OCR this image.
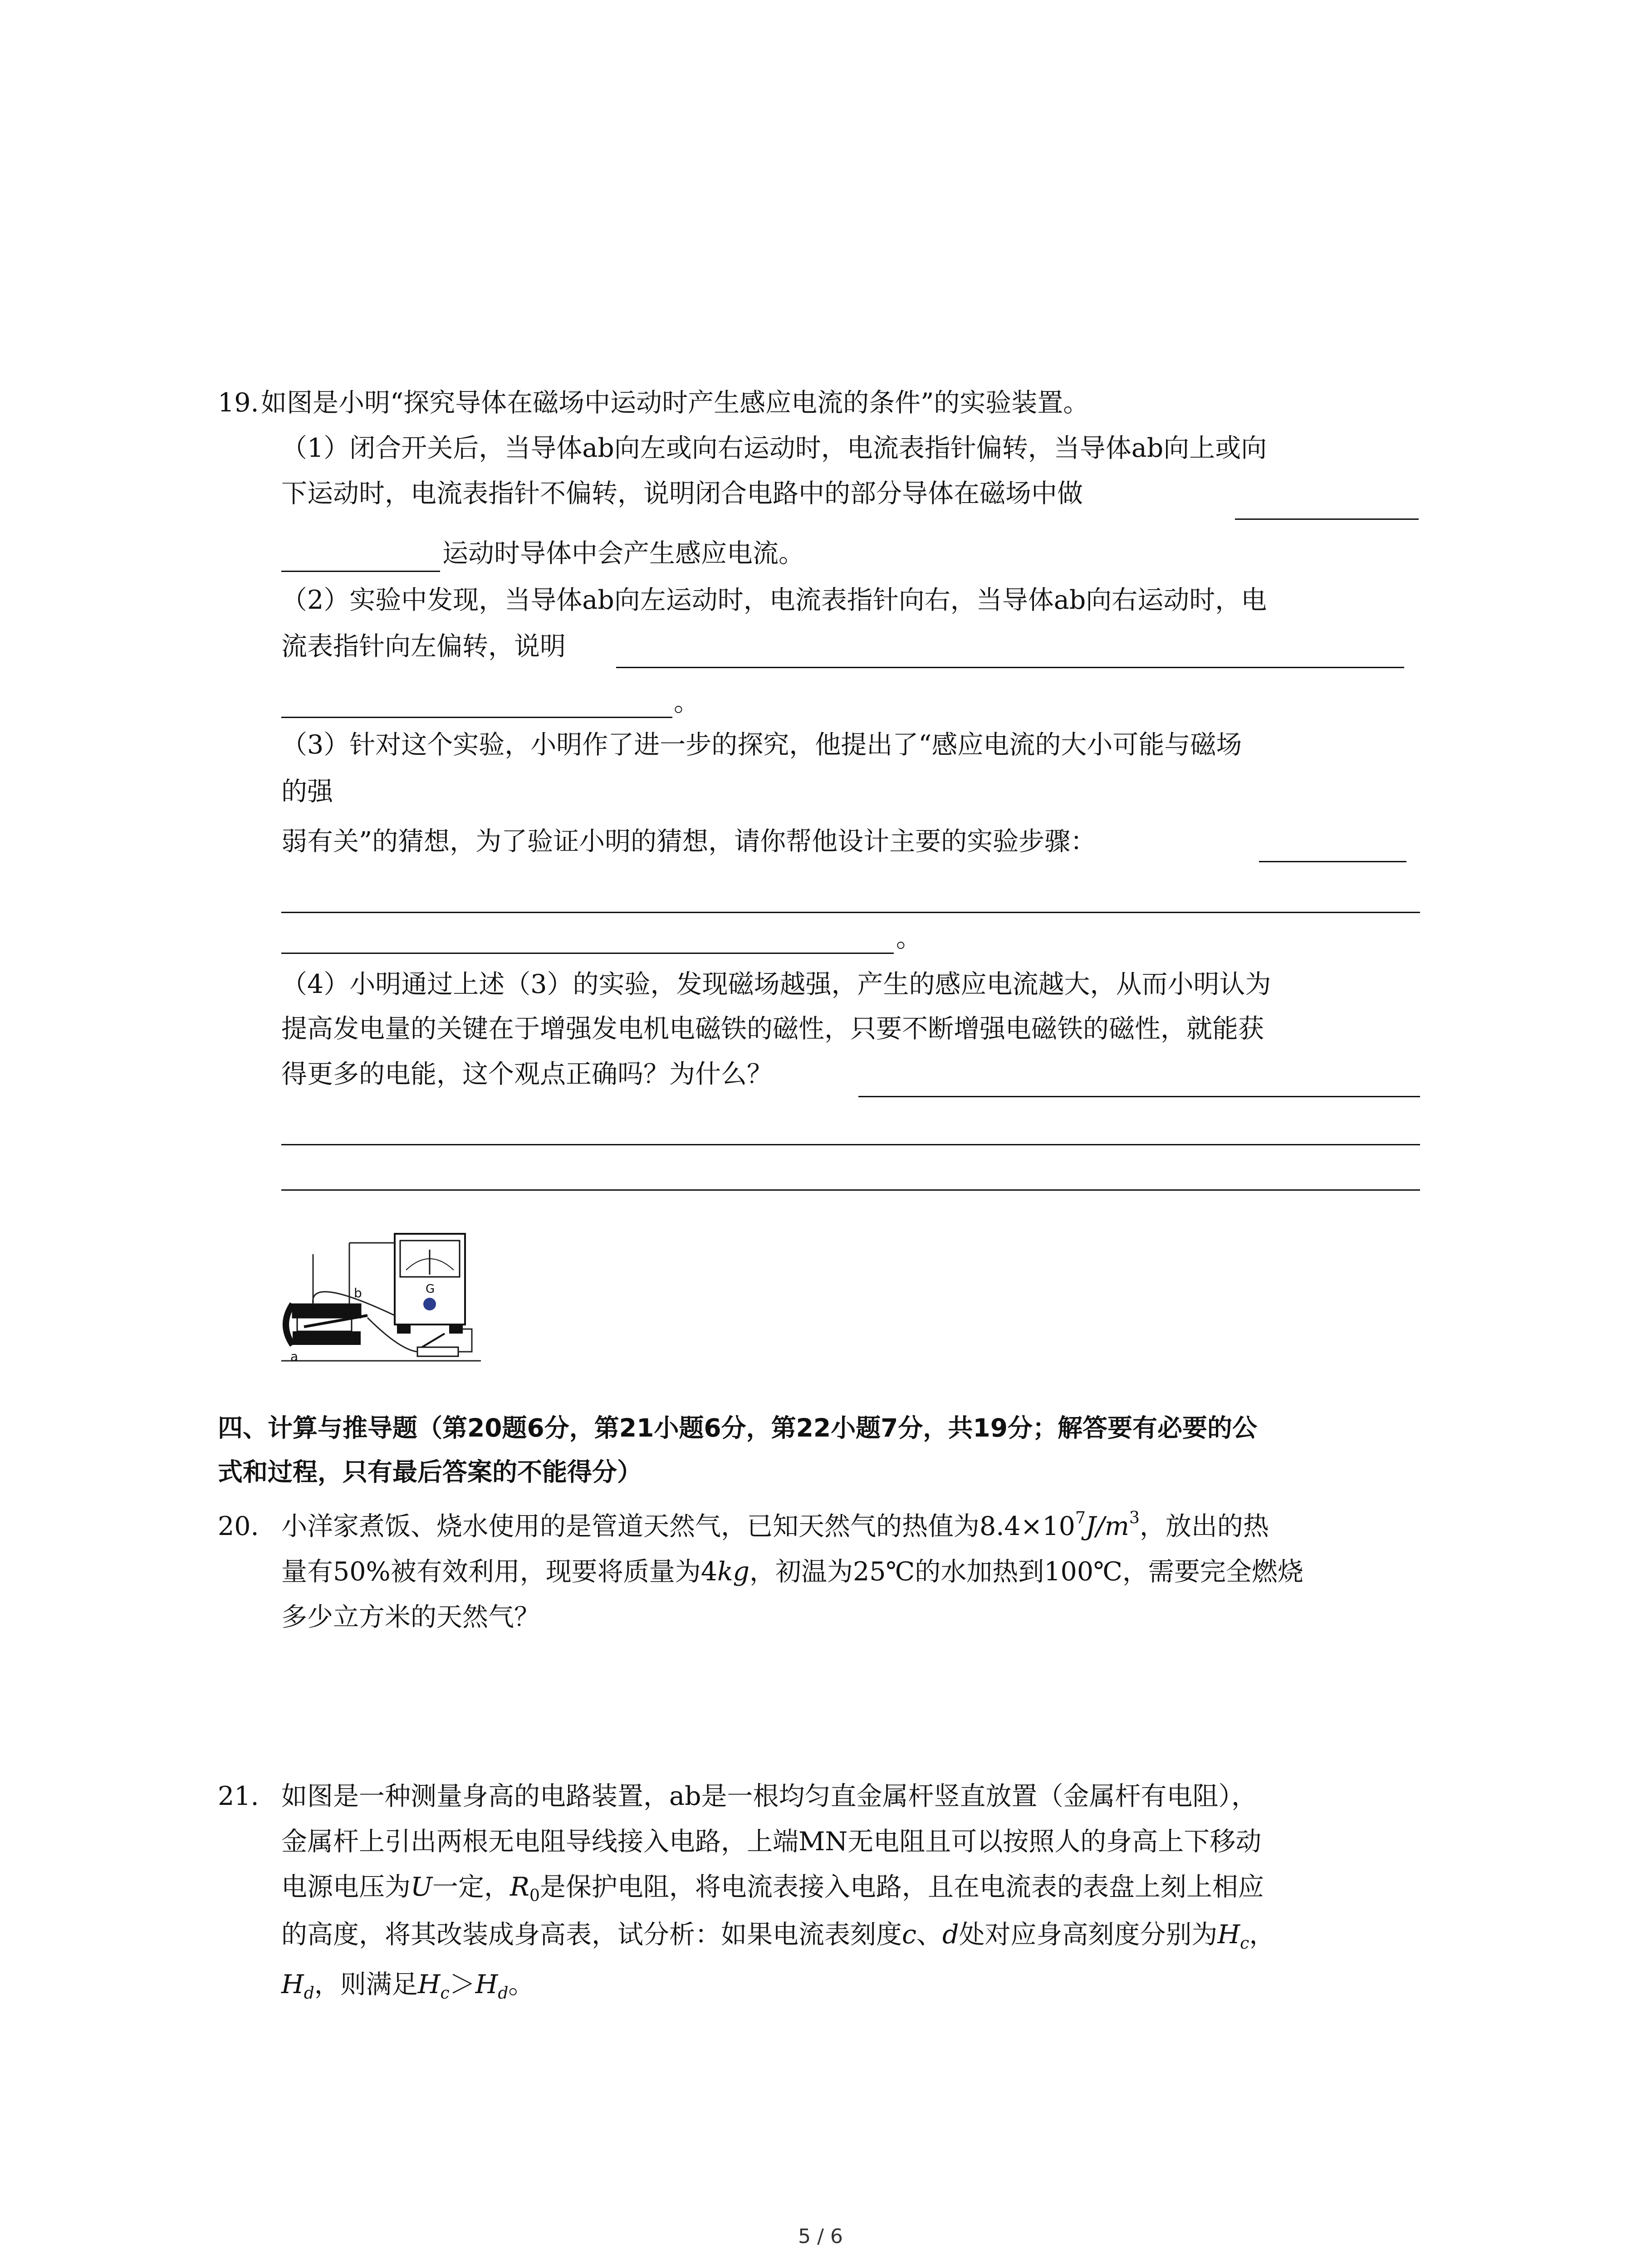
19. 如图是小明“探究导体在磁场中运动时产生感应电流的条件”的实验装置。
（1）闭合开关后，当导体ab向左或向右运动时，电流表指针偏转，当导体ab向上或向
下运动时，电流表指针不偏转，说明闭合电路中的部分导体在磁场中做
运动时导体中会产生感应电流。
（2）实验中发现，当导体ab向左运动时，电流表指针向右，当导体ab向右运动时，电
流表指针向左偏转，说明
。
（3）针对这个实验，小明作了进一步的探究，他提出了“感应电流的大小可能与磁场
的强
弱有关”的猜想，为了验证小明的猜想，请你帮他设计主要的实验步骤：
。
（4）小明通过上述（3）的实验，发现磁场越强，产生的感应电流越大，从而小明认为
提高发电量的关键在于增强发电机电磁铁的磁性，只要不断增强电磁铁的磁性，就能获
得更多的电能，这个观点正确吗？为什么？
b
a
G
四、计算与推导题（第20题6分，第21小题6分，第22小题7分，共19分；解答要有必要的公
式和过程，只有最后答案的不能得分）
20. 小洋家煮饭、烧水使用的是管道天然气，已知天然气的热值为$8.4\times 10^7J/m^3$，放出的热
量有50%被有效利用，现要将质量为4kg，初温为25℃的水加热到100℃，需要完全燃烧
多少立方米的天然气？
21. 如图是一种测量身高的电路装置，ab是一根均匀直金属杆竖直放置（金属杆有电阻），
金属杆上引出两根无电阻导线接入电路，上端MN无电阻且可以按照人的身高上下移动
电源电压为U一定，$R_0$是保护电阻，将电流表接入电路，且在电流表的表盘上刻上相应
的高度，将其改装成身高表，试分析：如果电流表刻度c、d处对应身高刻度分别为$H_c$，
$H_d$，则满足$H_c>H_d$。
5 / 6
